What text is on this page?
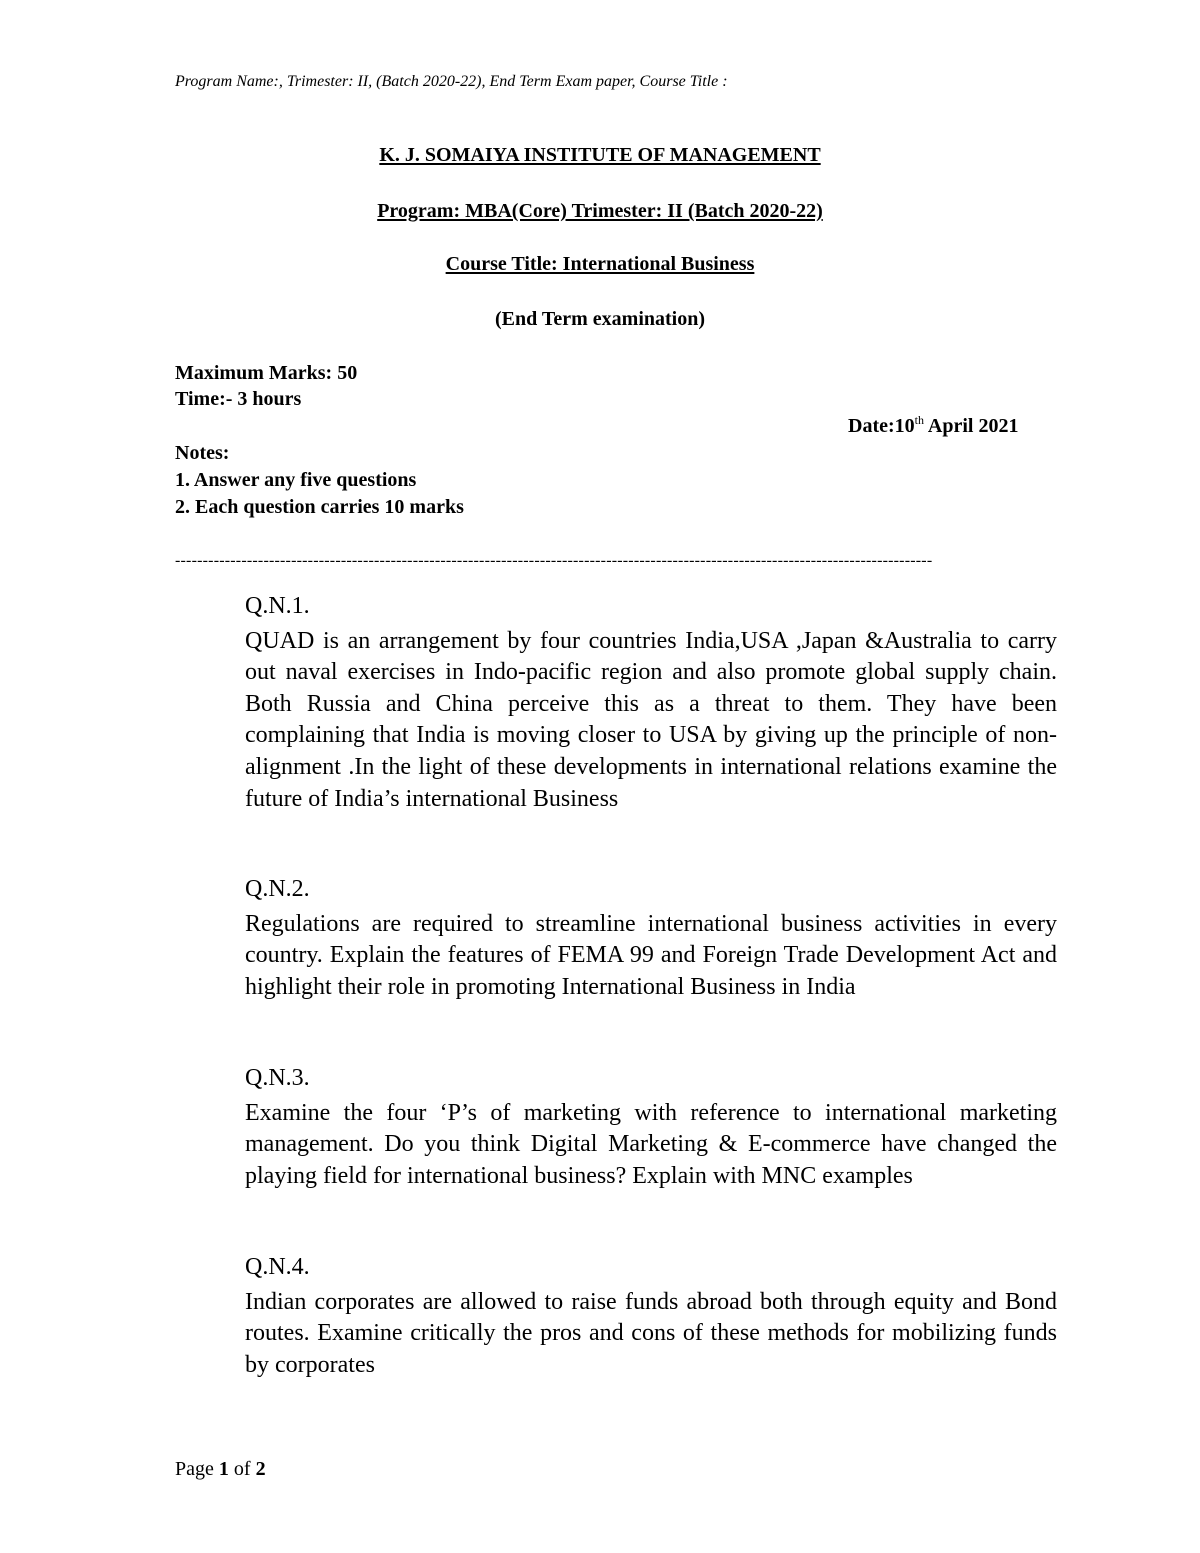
Program Name:, Trimester: II, (Batch 2020-22), End Term Exam paper, Course Title :
K. J. SOMAIYA INSTITUTE OF MANAGEMENT
Program: MBA(Core) Trimester: II (Batch 2020-22)
Course Title: International Business
(End Term examination)
Maximum Marks: 50
Time:- 3 hours
Date:10th April 2021
Notes:
1. Answer any five questions
2. Each question carries 10 marks
-----------------------------------------------------------------------------------------------------------------------------------------
Q.N.1.
QUAD is an arrangement by four countries India,USA ,Japan &Australia to carry out naval exercises in Indo-pacific region and also promote global supply chain. Both Russia and China perceive this as a threat to them. They have been complaining that India is moving closer to USA by giving up the principle of non-alignment .In the light of these developments in international relations examine the future of India’s international Business
Q.N.2.
Regulations are required to streamline international business activities in every country. Explain the features of FEMA 99 and Foreign Trade Development Act and highlight their role in promoting International Business in India
Q.N.3.
Examine the four ‘P’s of marketing with reference to international marketing management. Do you think Digital Marketing & E-commerce have changed the playing field for international business? Explain with MNC examples
Q.N.4.
Indian corporates are allowed to raise funds abroad both through equity and Bond routes. Examine critically the pros and cons of these methods for mobilizing funds by corporates
Page 1 of 2
